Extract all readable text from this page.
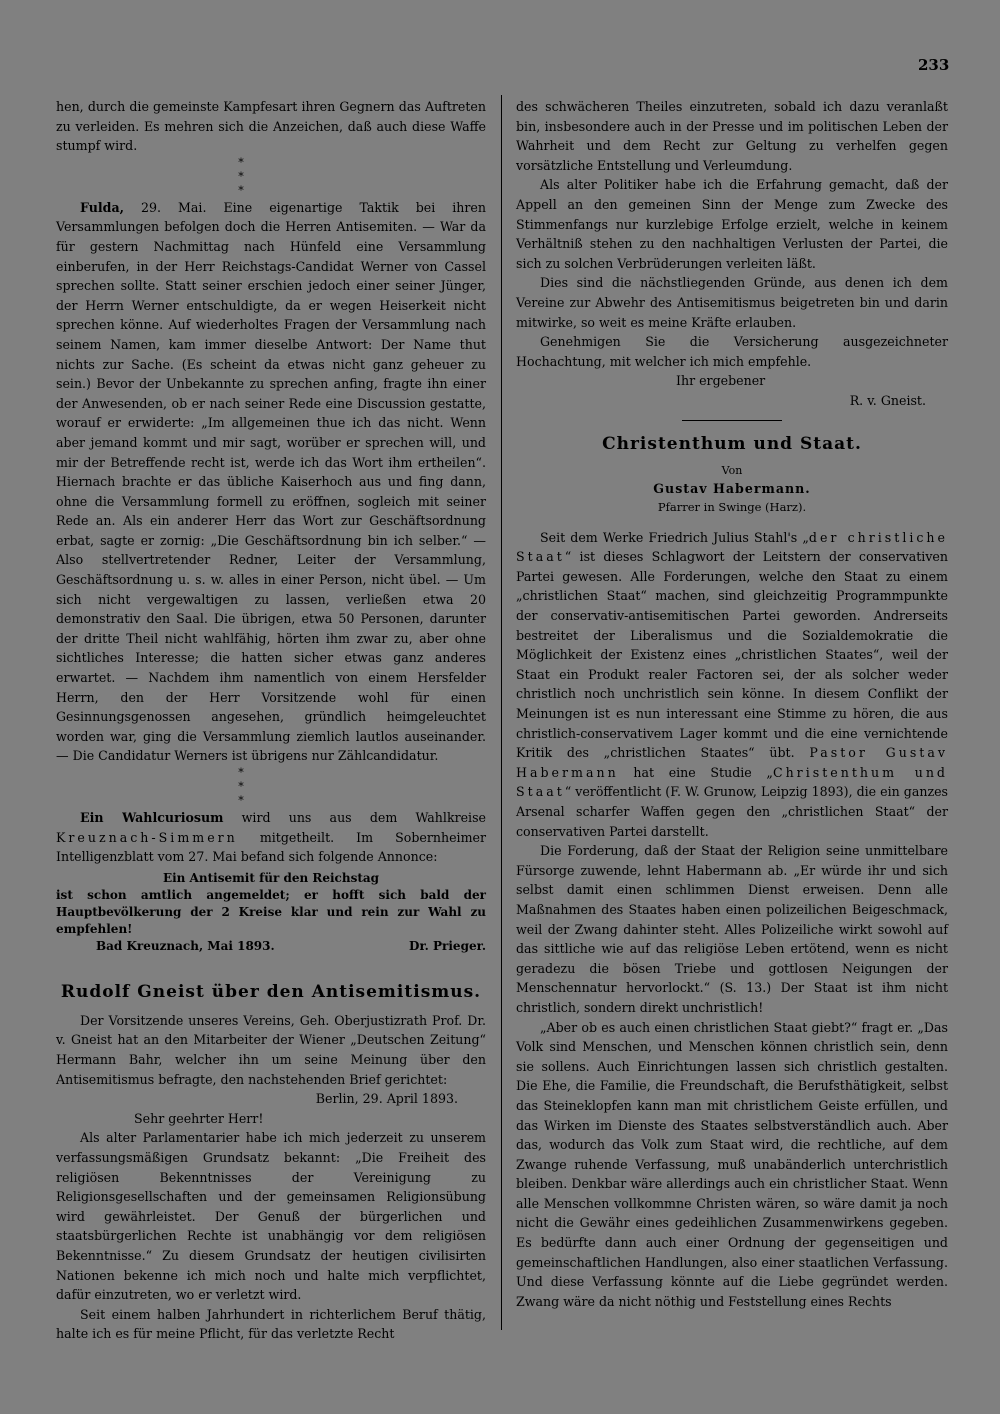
233

hen, durch die gemeinste Kampfesart ihren Gegnern das Auftreten zu verleiden. Es mehren sich die Anzeichen, daß auch diese Waffe stumpf wird.

* * *

Fulda, 29. Mai. Eine eigenartige Taktik bei ihren Versammlungen befolgen doch die Herren Antisemiten. — War da für gestern Nachmittag nach Hünfeld eine Versammlung einberufen, in der Herr Reichstags-Candidat Werner von Cassel sprechen sollte. Statt seiner erschien jedoch einer seiner Jünger, der Herrn Werner entschuldigte, da er wegen Heiserkeit nicht sprechen könne. Auf wiederholtes Fragen der Versammlung nach seinem Namen, kam immer dieselbe Antwort: Der Name thut nichts zur Sache. (Es scheint da etwas nicht ganz geheuer zu sein.) Bevor der Unbekannte zu sprechen anfing, fragte ihn einer der Anwesenden, ob er nach seiner Rede eine Discussion gestatte, worauf er erwiderte: „Im allgemeinen thue ich das nicht. Wenn aber jemand kommt und mir sagt, worüber er sprechen will, und mir der Betreffende recht ist, werde ich das Wort ihm ertheilen“. Hiernach brachte er das übliche Kaiserhoch aus und fing dann, ohne die Versammlung formell zu eröffnen, sogleich mit seiner Rede an. Als ein anderer Herr das Wort zur Geschäftsordnung erbat, sagte er zornig: „Die Geschäftsordnung bin ich selber.“ — Also stellvertretender Redner, Leiter der Versammlung, Geschäftsordnung u. s. w. alles in einer Person, nicht übel. — Um sich nicht vergewaltigen zu lassen, verließen etwa 20 demonstrativ den Saal. Die übrigen, etwa 50 Personen, darunter der dritte Theil nicht wahlfähig, hörten ihm zwar zu, aber ohne sichtliches Interesse; die hatten sicher etwas ganz anderes erwartet. — Nachdem ihm namentlich von einem Hersfelder Herrn, den der Herr Vorsitzende wohl für einen Gesinnungsgenossen angesehen, gründlich heimgeleuchtet worden war, ging die Versammlung ziemlich lautlos auseinander. — Die Candidatur Werners ist übrigens nur Zählcandidatur.

* * *

Ein Wahlcuriosum wird uns aus dem Wahlkreise Kreuznach-Simmern mitgetheilt. Im Sobernheimer Intelligenzblatt vom 27. Mai befand sich folgende Annonce:

Ein Antisemit für den Reichstag

ist schon amtlich angemeldet; er hofft sich bald der Hauptbevölkerung der 2 Kreise klar und rein zur Wahl zu empfehlen!

Bad Kreuznach, Mai 1893.	Dr. Prieger.
Rudolf Gneist über den Antisemitismus.

Der Vorsitzende unseres Vereins, Geh. Oberjustizrath Prof. Dr. v. Gneist hat an den Mitarbeiter der Wiener „Deutschen Zeitung“ Hermann Bahr, welcher ihn um seine Meinung über den Antisemitismus befragte, den nachstehenden Brief gerichtet:

Berlin, 29. April 1893.

Sehr geehrter Herr!

Als alter Parlamentarier habe ich mich jederzeit zu unserem verfassungsmäßigen Grundsatz bekannt: „Die Freiheit des religiösen Bekenntnisses der Vereinigung zu Religionsgesellschaften und der gemeinsamen Religionsübung wird gewährleistet. Der Genuß der bürgerlichen und staatsbürgerlichen Rechte ist unabhängig vor dem religiösen Bekenntnisse.“ Zu diesem Grundsatz der heutigen civilisirten Nationen bekenne ich mich noch und halte mich verpflichtet, dafür einzutreten, wo er verletzt wird.

Seit einem halben Jahrhundert in richterlichem Beruf thätig, halte ich es für meine Pflicht, für das verletzte Recht

des schwächeren Theiles einzutreten, sobald ich dazu veranlaßt bin, insbesondere auch in der Presse und im politischen Leben der Wahrheit und dem Recht zur Geltung zu verhelfen gegen vorsätzliche Entstellung und Verleumdung.

Als alter Politiker habe ich die Erfahrung gemacht, daß der Appell an den gemeinen Sinn der Menge zum Zwecke des Stimmenfangs nur kurzlebige Erfolge erzielt, welche in keinem Verhältniß stehen zu den nachhaltigen Verlusten der Partei, die sich zu solchen Verbrüderungen verleiten läßt.

Dies sind die nächstliegenden Gründe, aus denen ich dem Vereine zur Abwehr des Antisemitismus beigetreten bin und darin mitwirke, so weit es meine Kräfte erlauben.

Genehmigen Sie die Versicherung ausgezeichneter Hochachtung, mit welcher ich mich empfehle.

Ihr ergebener

R. v. Gneist.

Christenthum und Staat.
Von
Gustav Habermann.
Pfarrer in Swinge (Harz).

Seit dem Werke Friedrich Julius Stahl's „der christliche Staat“ ist dieses Schlagwort der Leitstern der conservativen Partei gewesen. Alle Forderungen, welche den Staat zu einem „christlichen Staat“ machen, sind gleichzeitig Programmpunkte der conservativ-antisemitischen Partei geworden. Andrerseits bestreitet der Liberalismus und die Sozialdemokratie die Möglichkeit der Existenz eines „christlichen Staates“, weil der Staat ein Produkt realer Factoren sei, der als solcher weder christlich noch unchristlich sein könne. In diesem Conflikt der Meinungen ist es nun interessant eine Stimme zu hören, die aus christlich-conservativem Lager kommt und die eine vernichtende Kritik des „christlichen Staates“ übt. Pastor Gustav Habermann hat eine Studie „Christenthum und Staat“ veröffentlicht (F. W. Grunow, Leipzig 1893), die ein ganzes Arsenal scharfer Waffen gegen den „christlichen Staat“ der conservativen Partei darstellt.

Die Forderung, daß der Staat der Religion seine unmittelbare Fürsorge zuwende, lehnt Habermann ab. „Er würde ihr und sich selbst damit einen schlimmen Dienst erweisen. Denn alle Maßnahmen des Staates haben einen polizeilichen Beigeschmack, weil der Zwang dahinter steht. Alles Polizeiliche wirkt sowohl auf das sittliche wie auf das religiöse Leben ertötend, wenn es nicht geradezu die bösen Triebe und gottlosen Neigungen der Menschennatur hervorlockt.“ (S. 13.) Der Staat ist ihm nicht christlich, sondern direkt unchristlich!

„Aber ob es auch einen christlichen Staat giebt?“ fragt er. „Das Volk sind Menschen, und Menschen können christlich sein, denn sie sollens. Auch Einrichtungen lassen sich christlich gestalten. Die Ehe, die Familie, die Freundschaft, die Berufsthätigkeit, selbst das Steineklopfen kann man mit christlichem Geiste erfüllen, und das Wirken im Dienste des Staates selbstverständlich auch. Aber das, wodurch das Volk zum Staat wird, die rechtliche, auf dem Zwange ruhende Verfassung, muß unabänderlich unterchristlich bleiben. Denkbar wäre allerdings auch ein christlicher Staat. Wenn alle Menschen vollkommne Christen wären, so wäre damit ja noch nicht die Gewähr eines gedeihlichen Zusammenwirkens gegeben. Es bedürfte dann auch einer Ordnung der gegenseitigen und gemeinschaftlichen Handlungen, also einer staatlichen Verfassung. Und diese Verfassung könnte auf die Liebe gegründet werden. Zwang wäre da nicht nöthig und Feststellung eines Rechts
